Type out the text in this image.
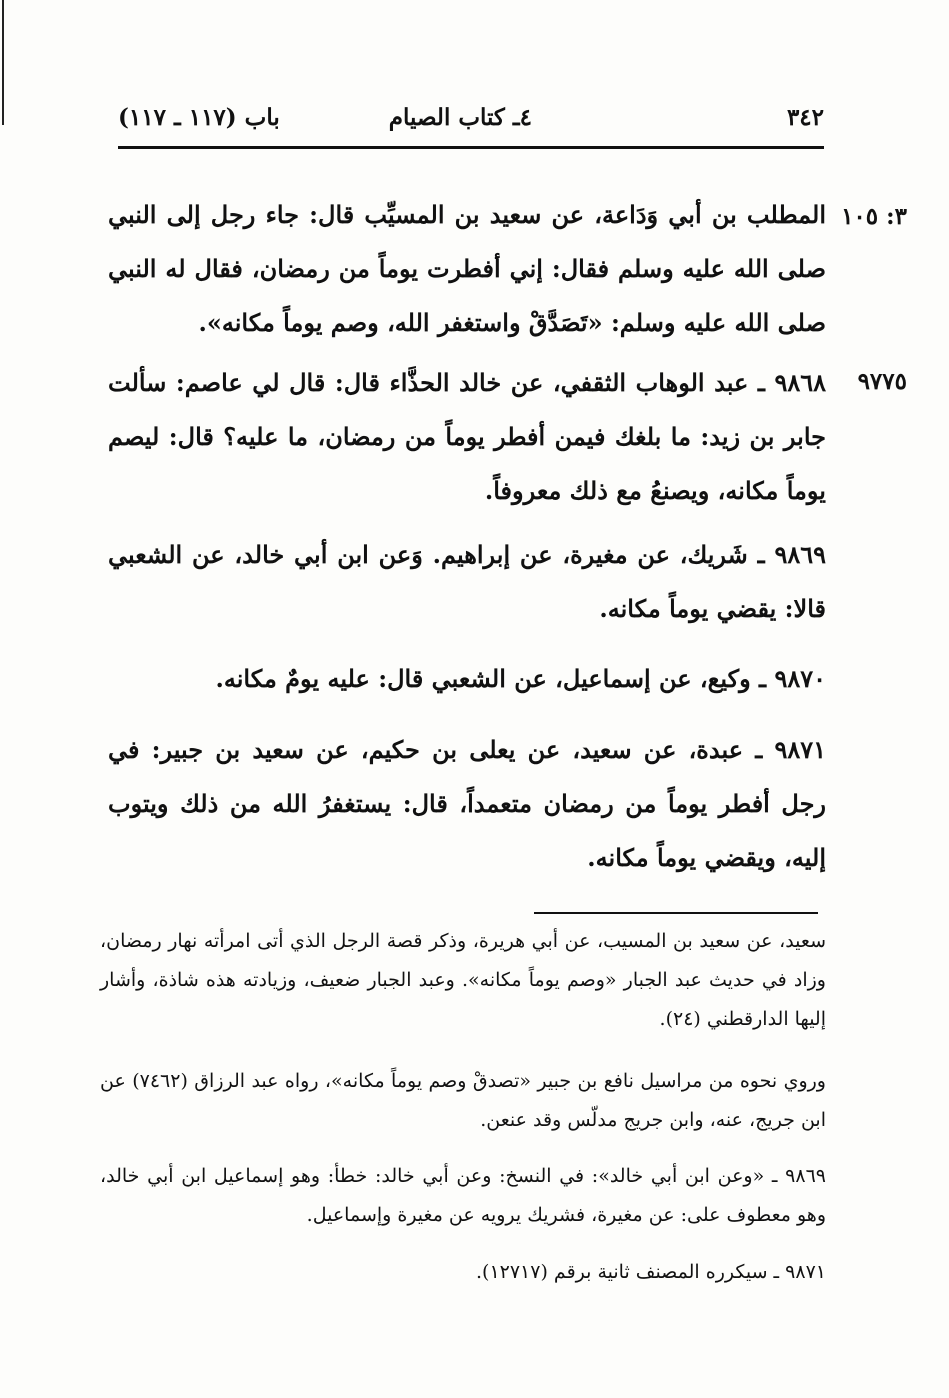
٣٤٢
٤ـ كتاب الصيام
باب (١١٧ ـ ١١٧)
٣: ١٠٥
٩٧٧٥

المطلب بن أبي وَدَاعة، عن سعيد بن المسيِّب قال: جاء رجل إلى النبي صلى الله عليه وسلم فقال: إني أفطرت يوماً من رمضان، فقال له النبي صلى الله عليه وسلم: «تَصَدَّقْ واستغفر الله، وصم يوماً مكانه».

٩٨٦٨ ـ عبد الوهاب الثقفي، عن خالد الحذَّاء قال: قال لي عاصم: سألت جابر بن زيد: ما بلغك فيمن أفطر يوماً من رمضان، ما عليه؟ قال: ليصم يوماً مكانه، ويصنعُ مع ذلك معروفاً.

٩٨٦٩ ـ شَريك، عن مغيرة، عن إبراهيم. وَعن ابن أبي خالد، عن الشعبي قالا: يقضي يوماً مكانه.

٩٨٧٠ ـ وكيع، عن إسماعيل، عن الشعبي قال: عليه يومٌ مكانه.

٩٨٧١ ـ عبدة، عن سعيد، عن يعلى بن حكيم، عن سعيد بن جبير: في رجل أفطر يوماً من رمضان متعمداً، قال: يستغفرُ الله من ذلك ويتوب إليه، ويقضي يوماً مكانه.

سعيد، عن سعيد بن المسيب، عن أبي هريرة، وذكر قصة الرجل الذي أتى امرأته نهار رمضان، وزاد في حديث عبد الجبار «وصم يوماً مكانه». وعبد الجبار ضعيف، وزيادته هذه شاذة، وأشار إليها الدارقطني (٢٤).

وروي نحوه من مراسيل نافع بن جبير «تصدقْ وصم يوماً مكانه»، رواه عبد الرزاق (٧٤٦٢) عن ابن جريج، عنه، وابن جريج مدلّس وقد عنعن.

٩٨٦٩ ـ «وعن ابن أبي خالد»: في النسخ: وعن أبي خالد: خطأ: وهو إسماعيل ابن أبي خالد، وهو معطوف على: عن مغيرة، فشريك يرويه عن مغيرة وإسماعيل.

٩٨٧١ ـ سيكرره المصنف ثانية برقم (١٢٧١٧).
